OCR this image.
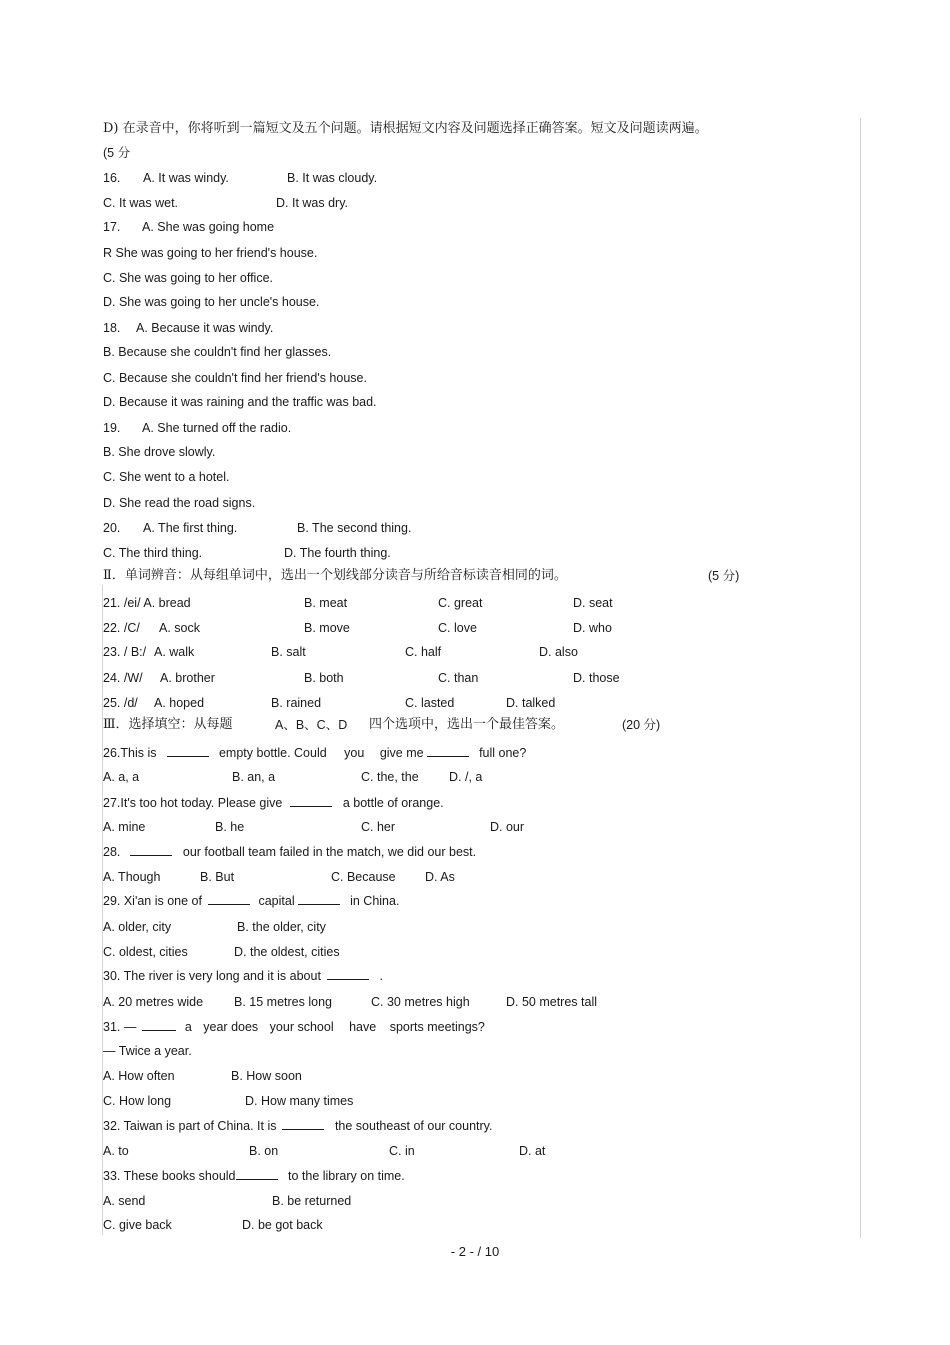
D) 在录音中，你将听到一篇短文及五个问题。请根据短文内容及问题选择正确答案。短文及问题读两遍。
(5 分
16. A. It was windy.	B. It was cloudy.
C. It was wet.	D. It was dry.
17. A. She was going home
R She was going to her friend's house.
C. She was going to her office.
D. She was going to her uncle's house.
18. A. Because it was windy.
B. Because she couldn't find her glasses.
C. Because she couldn't find her friend's house.
D. Because it was raining and the traffic was bad.
19. A. She turned off the radio.
B. She drove slowly.
C. She went to a hotel.
D. She read the road signs.
20. A. The first thing.	B. The second thing.
C. The third thing.	D. The fourth thing.
Ⅱ．单词辨音：从每组单词中，选出一个划线部分读音与所给音标读音相同的词。	(5 分)
21. /ei/ A. bread	B. meat	C. great	D. seat
22. /C/ A. sock	B. move	C. love	D. who
23. / B:/ A. walk	B. salt	C. half	D. also
24. /W/ A. brother	B. both	C. than	D. those
25. /d/ A. hoped	B. rained	C. lasted	D. talked
Ⅲ．选择填空：从每题	A、B、C、D 四个选项中，选出一个最佳答案。	(20 分)
26.This is	empty bottle. Could you give me	full one?
A. a, a	B. an, a	C. the, the D. /, a
27.It's too hot today. Please give	a bottle of orange.
A. mine	B. he	C. her	D. our
28.	our football team failed in the match, we did our best.
A. Though	B. But	C. Because D. As
29. Xi'an is one of	capital	in China.
A. older, city	B. the older, city
C. oldest, cities	D. the oldest, cities
30. The river is very long and it is about	.
A. 20 metres wide B. 15 metres long	C. 30 metres high	D. 50 metres tall
31. —	a year does your school have sports meetings?
— Twice a year.
A. How often	B. How soon
C. How long	D. How many times
32. Taiwan is part of China. It is	the southeast of our country.
A. to	B. on	C. in	D. at
33. These books should	to the library on time.
A. send	B. be returned
C. give back	D. be got back
- 2 - / 10
